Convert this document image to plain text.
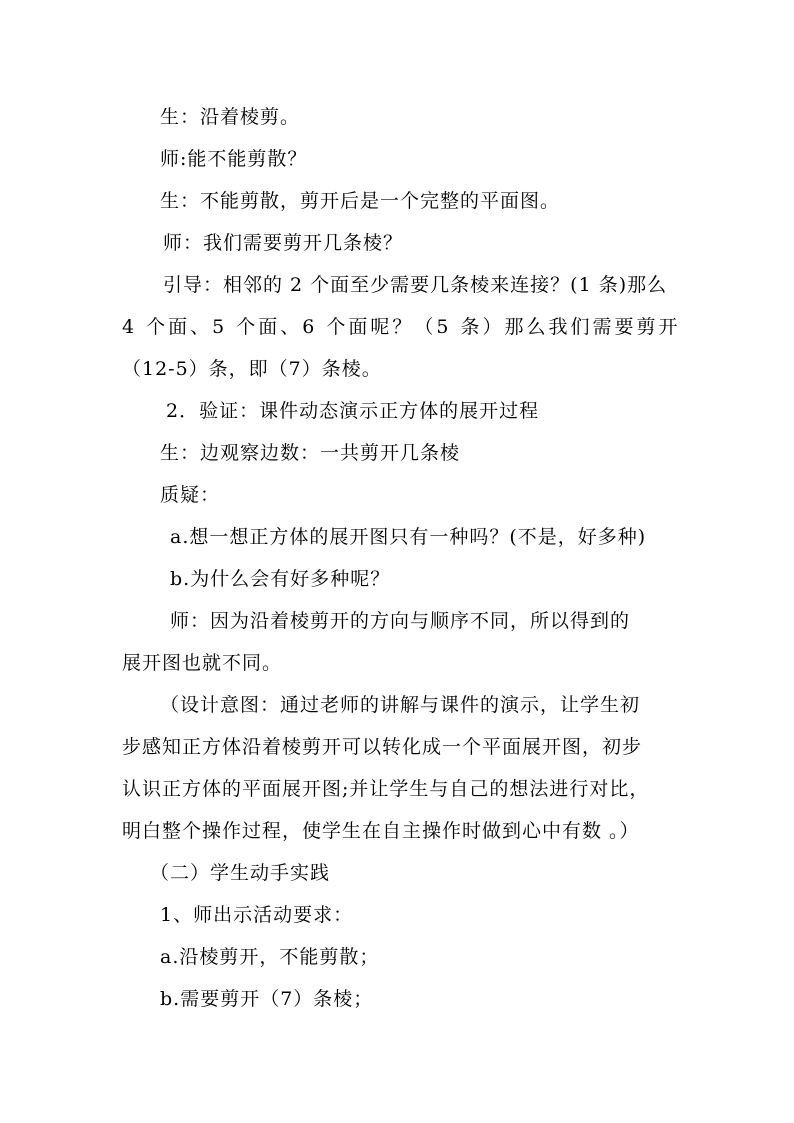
生：沿着棱剪。
师:能不能剪散？
生：不能剪散，剪开后是一个完整的平面图。
师：我们需要剪开几条棱？
引导：相邻的 2 个面至少需要几条棱来连接？(1 条)那么
4 个面、5 个面、6 个面呢？（5 条）那么我们需要剪开
（12-5）条，即（7）条棱。
2．验证：课件动态演示正方体的展开过程
生：边观察边数：一共剪开几条棱
质疑：
a.想一想正方体的展开图只有一种吗？(不是，好多种)
b.为什么会有好多种呢？
师：因为沿着棱剪开的方向与顺序不同，所以得到的
展开图也就不同。
（设计意图：通过老师的讲解与课件的演示，让学生初
步感知正方体沿着棱剪开可以转化成一个平面展开图，初步
认识正方体的平面展开图;并让学生与自己的想法进行对比，
明白整个操作过程，使学生在自主操作时做到心中有数 。）
（二）学生动手实践
1、师出示活动要求：
a.沿棱剪开，不能剪散；
b.需要剪开（7）条棱；
